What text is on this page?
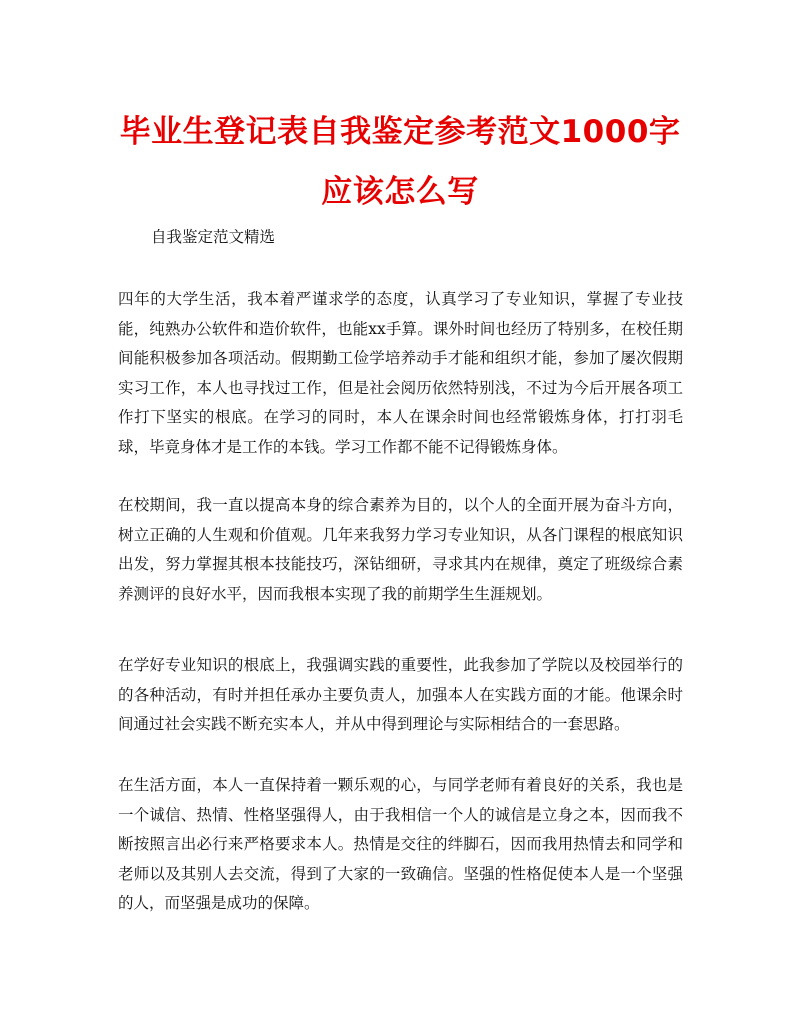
毕业生登记表自我鉴定参考范文1000字应该怎么写

自我鉴定范文精选

四年的大学生活，我本着严谨求学的态度，认真学习了专业知识，掌握了专业技能，纯熟办公软件和造价软件，也能xx手算。课外时间也经历了特别多，在校任期间能积极参加各项活动。假期勤工俭学培养动手才能和组织才能，参加了屡次假期实习工作，本人也寻找过工作，但是社会阅历依然特别浅，不过为今后开展各项工作打下坚实的根底。在学习的同时，本人在课余时间也经常锻炼身体，打打羽毛球，毕竟身体才是工作的本钱。学习工作都不能不记得锻炼身体。

在校期间，我一直以提高本身的综合素养为目的，以个人的全面开展为奋斗方向，树立正确的人生观和价值观。几年来我努力学习专业知识，从各门课程的根底知识出发，努力掌握其根本技能技巧，深钻细研，寻求其内在规律，奠定了班级综合素养测评的良好水平，因而我根本实现了我的前期学生生涯规划。

在学好专业知识的根底上，我强调实践的重要性，此我参加了学院以及校园举行的的各种活动，有时并担任承办主要负责人，加强本人在实践方面的才能。他课余时间通过社会实践不断充实本人，并从中得到理论与实际相结合的一套思路。

在生活方面，本人一直保持着一颗乐观的心，与同学老师有着良好的关系，我也是一个诚信、热情、性格坚强得人，由于我相信一个人的诚信是立身之本，因而我不断按照言出必行来严格要求本人。热情是交往的绊脚石，因而我用热情去和同学和老师以及其别人去交流，得到了大家的一致确信。坚强的性格促使本人是一个坚强的人，而坚强是成功的保障。
